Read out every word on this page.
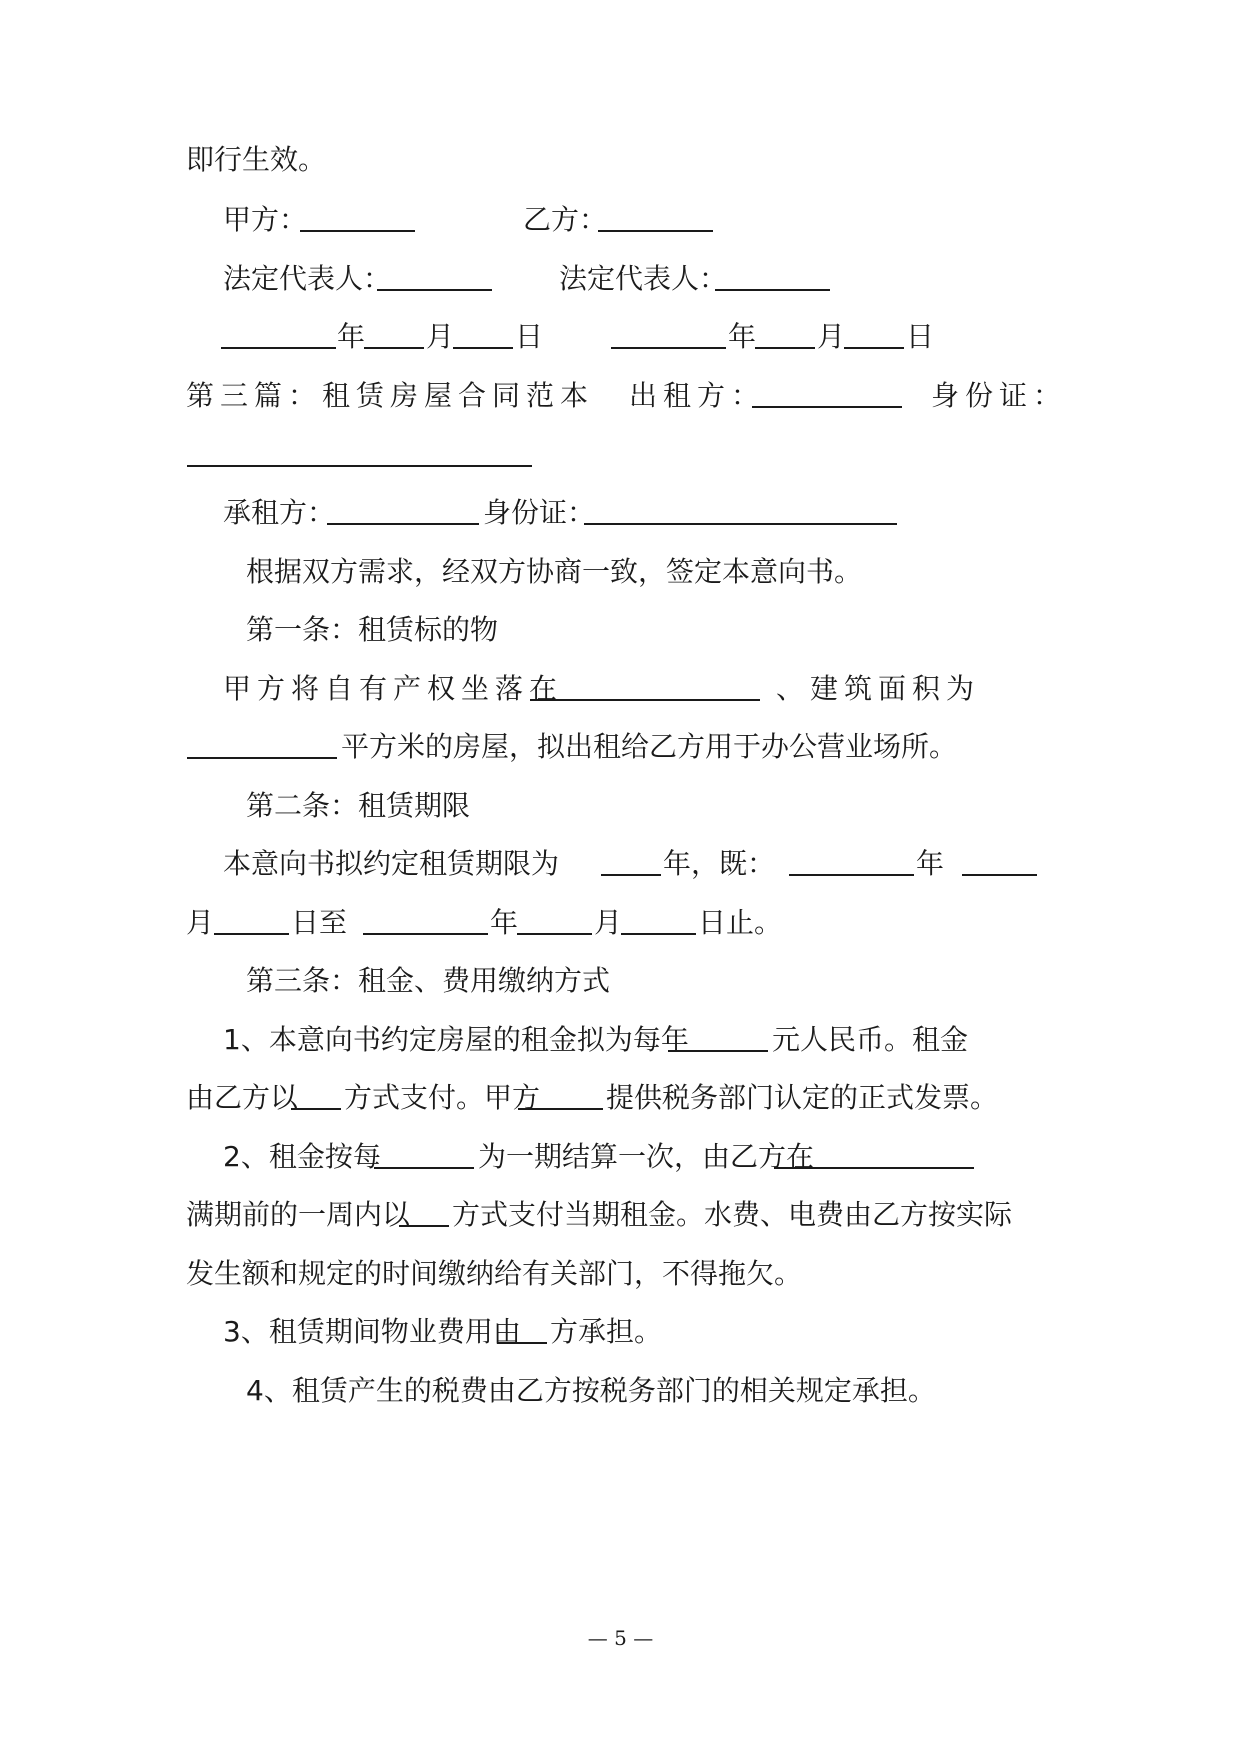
即行生效。
甲方：	乙方：
法定代表人：	法定代表人：
年 月 日	年 月 日
第三篇：租赁房屋合同范本 出租方：	身份证：
承租方：	身份证：
根据双方需求，经双方协商一致，签定本意向书。
第一条：租赁标的物
甲方将自有产权坐落在	、建筑面积为
平方米的房屋，拟出租给乙方用于办公营业场所。
第二条：租赁期限
本意向书拟约定租赁期限为	年，既：	年
月	日至	年	月	日止。
第三条：租金、费用缴纳方式
1、本意向书约定房屋的租金拟为每年	元人民币。租金
由乙方以 方式支付。甲方 提供税务部门认定的正式发票。
2、租金按每	为一期结算一次，由乙方在
满期前的一周内以 方式支付当期租金。水费、电费由乙方按实际
发生额和规定的时间缴纳给有关部门，不得拖欠。
3、租赁期间物业费用由 方承担。
4、租赁产生的税费由乙方按税务部门的相关规定承担。
— 5 —
